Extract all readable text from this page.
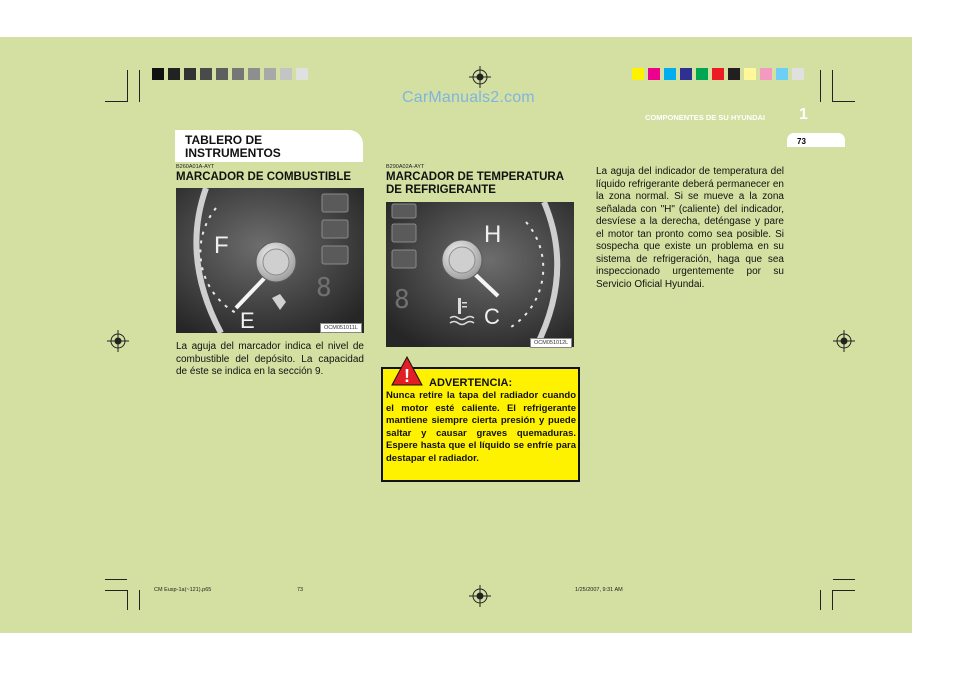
CarManuals2.com
COMPONENTES DE SU HYUNDAI 1
73
TABLERO DE
INSTRUMENTOS
B260A01A-AYT
MARCADOR DE COMBUSTIBLE
8
F
E	OCM051011L
La aguja del marcador indica el nivel de combustible del depósito. La capacidad de éste se indica en la sección 9.
B290A02A-AYT
MARCADOR DE TEMPERATURA
DE REFRIGERANTE
8
H
C
OCM051012L
! ADVERTENCIA:
Nunca retire la tapa del radiador cuando el motor esté caliente. El refrigerante mantiene siempre cierta presión y puede saltar y causar graves quemaduras. Espere hasta que el líquido se enfríe para destapar el radiador.
La aguja del indicador de temperatura del líquido refrigerante deberá permanecer en la zona normal. Si se mueve a la zona señalada con "H" (caliente) del indicador, desvíese a la derecha, deténgase y pare el motor tan pronto como sea posible. Si sospecha que existe un problema en su sistema de refrigeración, haga que sea inspeccionado urgentemente por su Servicio Oficial Hyundai.
CM Eusp-1a(~121).p65	73	1/25/2007, 9:31 AM
